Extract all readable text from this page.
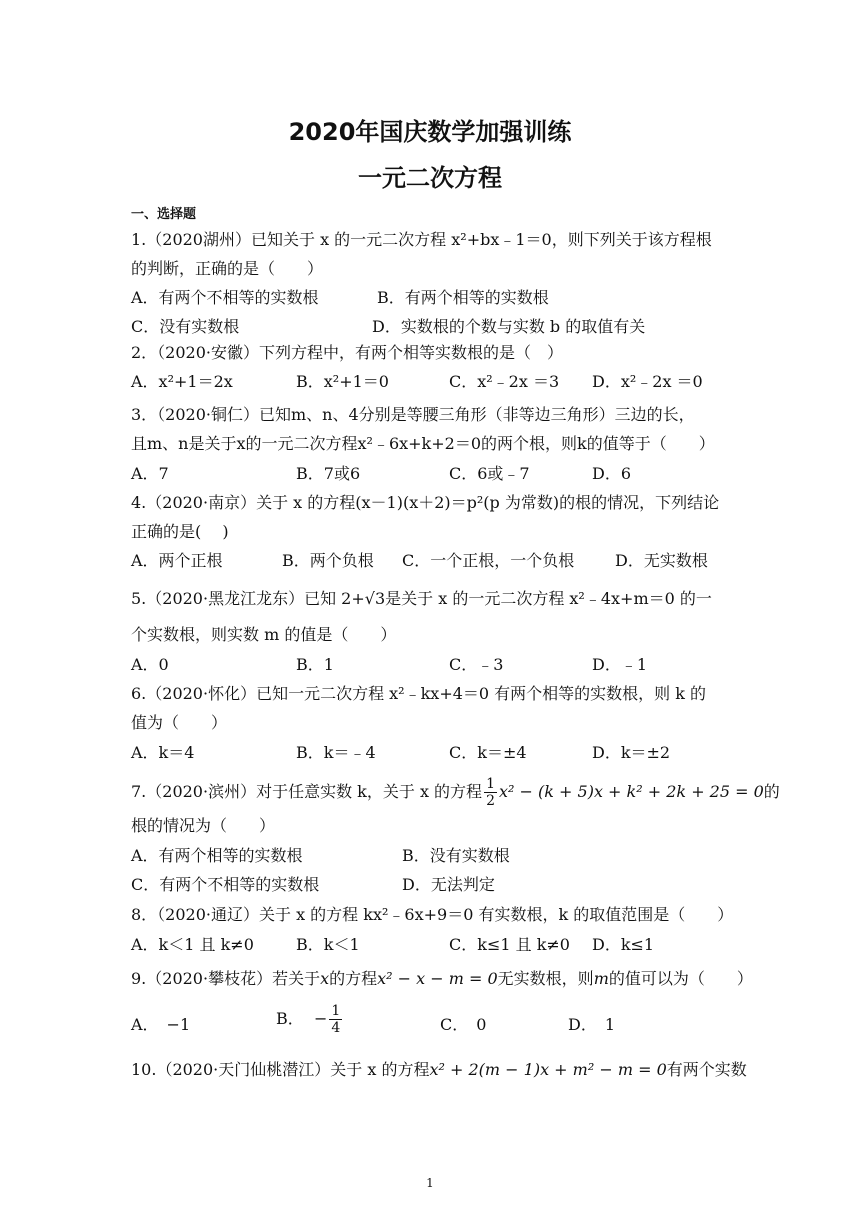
2020年国庆数学加强训练
一元二次方程
一、选择题
1.（2020湖州）已知关于 x 的一元二次方程 x²+bx﹣1＝0，则下列关于该方程根
的判断，正确的是（　　）
A．有两个不相等的实数根	B．有两个相等的实数根
C．没有实数根	D．实数根的个数与实数 b 的取值有关
2．（2020·安徽）下列方程中，有两个相等实数根的是（　）
A．x²+1＝2x	B．x²+1＝0	C．x²﹣2x ＝3 D．x²﹣2x ＝0
3．（2020·铜仁）已知m、n、4分别是等腰三角形（非等边三角形）三边的长，
且m、n是关于x的一元二次方程x²﹣6x+k+2＝0的两个根，则k的值等于（　　）
A．7	B．7或6	C．6或﹣7	D．6
4.（2020·南京）关于 x 的方程(x－1)(x＋2)＝p²(p 为常数)的根的情况，下列结论
正确的是(　 )
A．两个正根	B．两个负根 C．一个正根，一个负根	D．无实数根
5.（2020·黑龙江龙东）已知 2+√3是关于 x 的一元二次方程 x²﹣4x+m＝0 的一
个实数根，则实数 m 的值是（　　）
A．0	B．1	C．﹣3	D．﹣1
6.（2020·怀化）已知一元二次方程 x²﹣kx+4＝0 有两个相等的实数根，则 k 的
值为（　　）
A．k＝4	B．k＝﹣4	C．k＝±4	D．k＝±2
7.（2020·滨州）对于任意实数 k，关于 x 的方程 $\frac{1}{2} x^2 - (k + 5)x + k^2 + 2k + 25 = 0$的
根的情况为（　　）
A．有两个相等的实数根	B．没有实数根
C．有两个不相等的实数根	D．无法判定
8．（2020·通辽）关于 x 的方程 kx²﹣6x+9＝0 有实数根，k 的取值范围是（　　）
A．k＜1 且 k≠0	B．k＜1	C．k≤1 且 k≠0 D．k≤1
9.（2020·攀枝花）若关于x的方程x² − x − m = 0无实数根，则m的值可以为（　　）
A．　−1	B． − $\frac{1}{4}$	C．　0	D．　1
10.（2020·天门仙桃潜江）关于 x 的方程x² + 2(m − 1)x + m² − m = 0有两个实数
1
